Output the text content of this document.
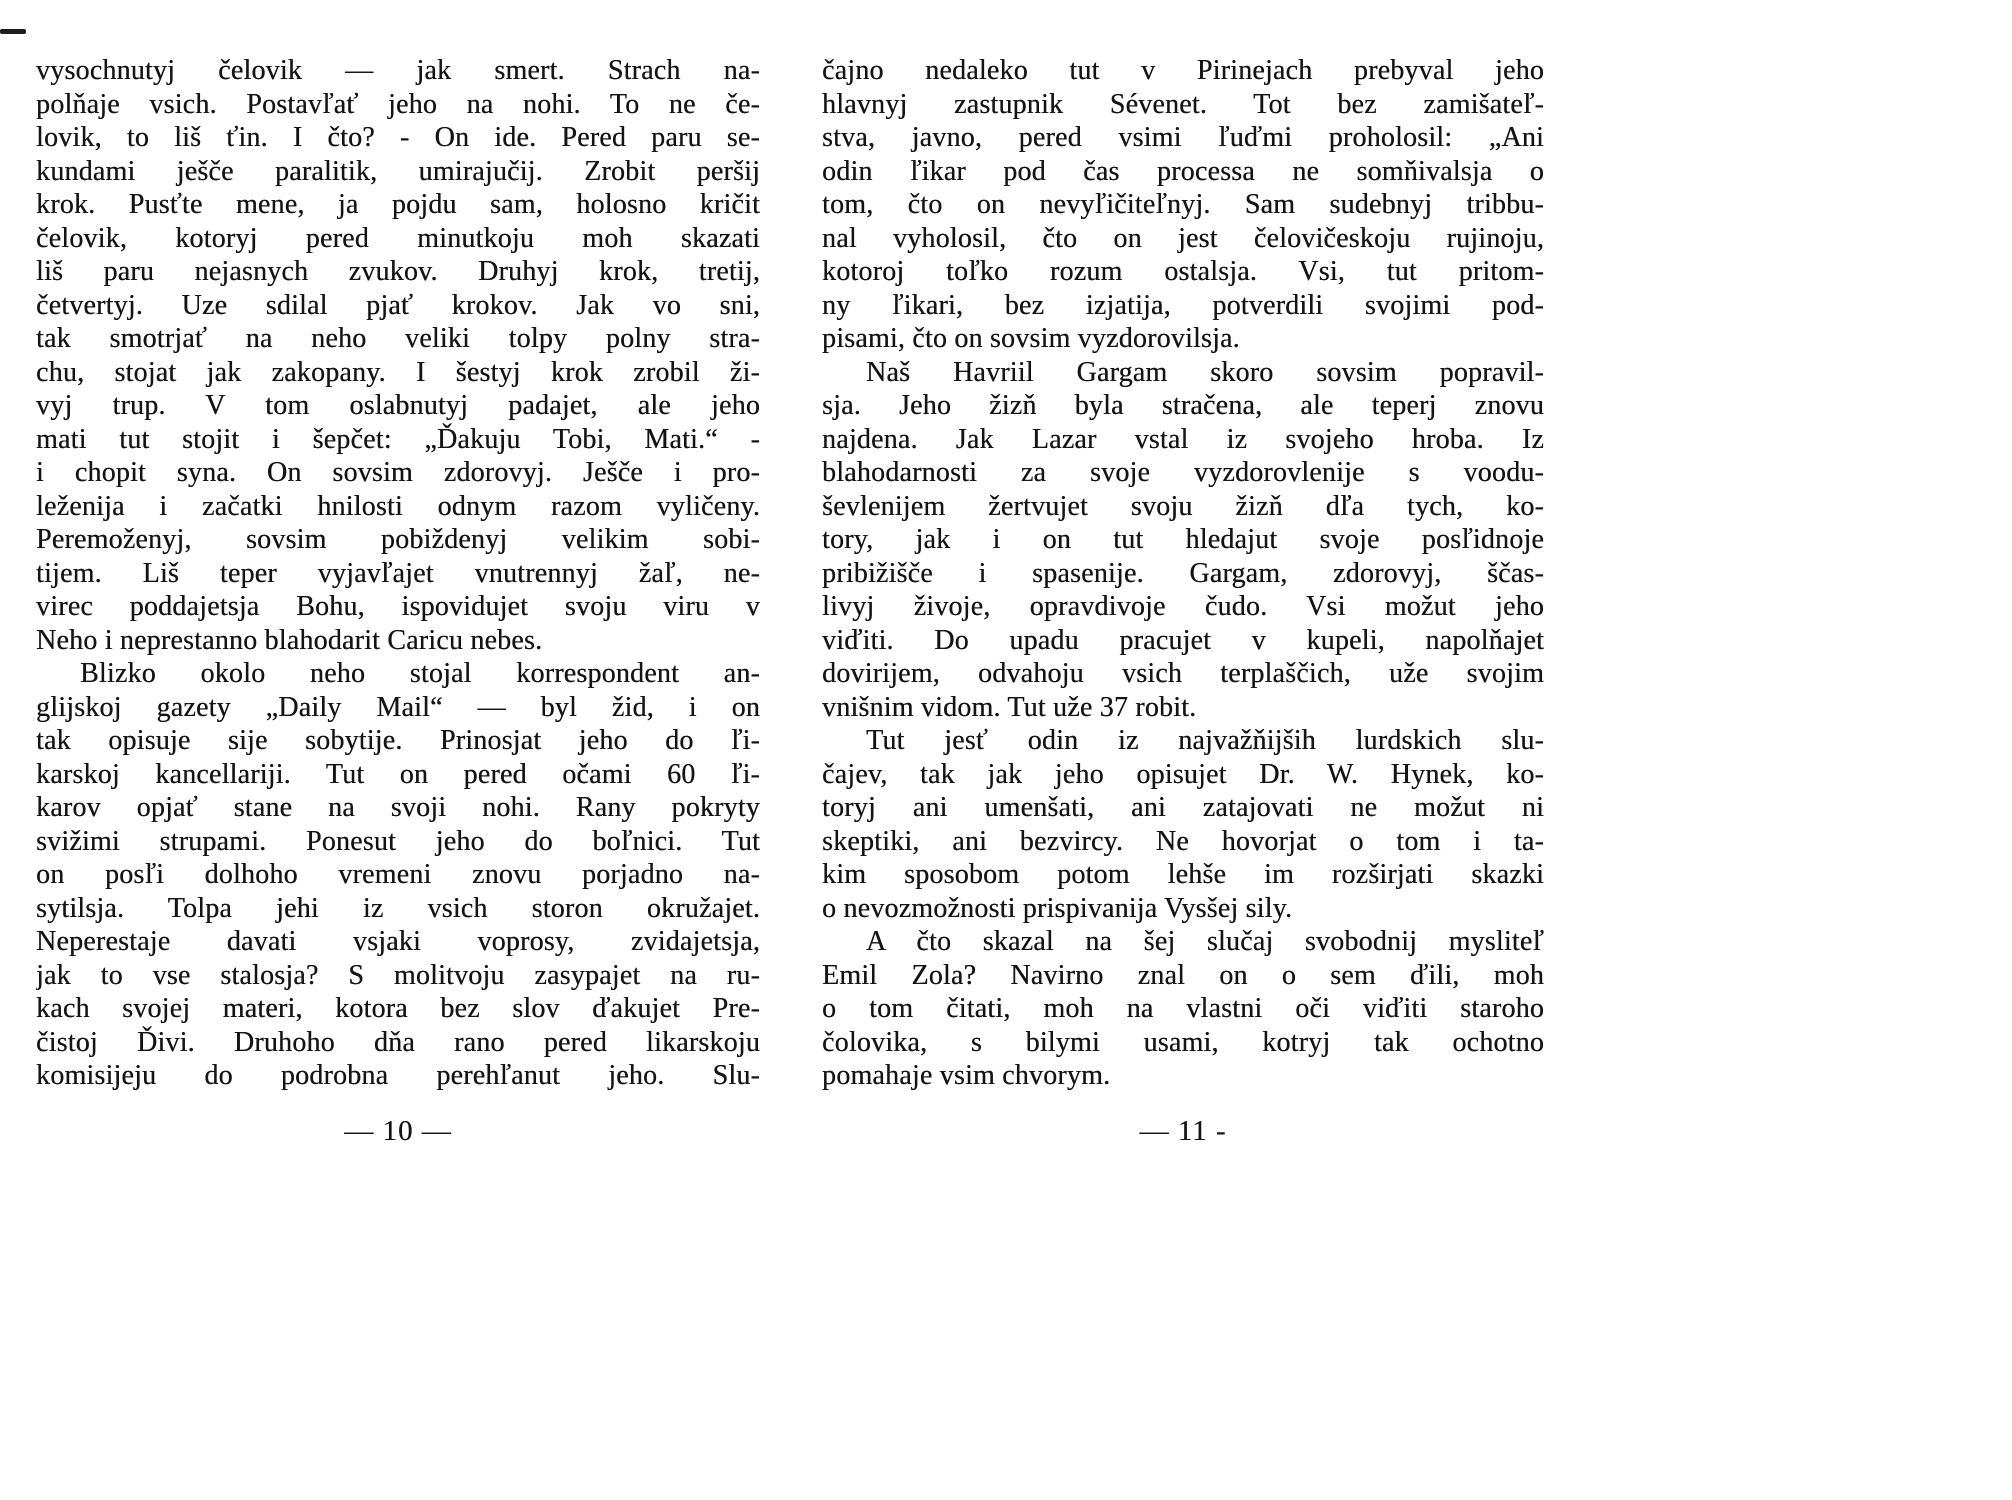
vysochnutyj čelovik — jak smert. Strach na-
polňaje vsich. Postavľať jeho na nohi. To ne če-
lovik, to liš ťin. I čto? - On ide. Pered paru se-
kundami ješče paralitik, umirajučij. Zrobit peršij
krok. Pusťte mene, ja pojdu sam, holosno kričit
čelovik, kotoryj pered minutkoju moh skazati
liš paru nejasnych zvukov. Druhyj krok, tretij,
četvertyj. Uze sdilal pjať krokov. Jak vo sni,
tak smotrjať na neho veliki tolpy polny stra-
chu, stojat jak zakopany. I šestyj krok zrobil ži-
vyj trup. V tom oslabnutyj padajet, ale jeho
mati tut stojit i šepčet: „Ďakuju Tobi, Mati.“ -
i chopit syna. On sovsim zdorovyj. Ješče i pro-
leženija i začatki hnilosti odnym razom vyličeny.
Peremoženyj, sovsim pobiždenyj velikim sobi-
tijem. Liš teper vyjavľajet vnutrennyj žaľ, ne-
virec poddajetsja Bohu, ispovidujet svoju viru v
Neho i neprestanno blahodarit Caricu nebes.
Blizko okolo neho stojal korrespondent an-
glijskoj gazety „Daily Mail“ — byl žid, i on
tak opisuje sije sobytije. Prinosjat jeho do ľi-
karskoj kancellariji. Tut on pered očami 60 ľi-
karov opjať stane na svoji nohi. Rany pokryty
svižimi strupami. Ponesut jeho do boľnici. Tut
on posľi dolhoho vremeni znovu porjadno na-
sytilsja. Tolpa jehi iz vsich storon okružajet.
Neperestaje davati vsjaki voprosy, zvidajetsja,
jak to vse stalosja? S molitvoju zasypajet na ru-
kach svojej materi, kotora bez slov ďakujet Pre-
čistoj Ďivi. Druhoho dňa rano pered likarskoju
komisijeju do podrobna perehľanut jeho. Slu-
— 10 —
čajno nedaleko tut v Pirinejach prebyval jeho
hlavnyj zastupnik Sévenet. Tot bez zamišateľ-
stva, javno, pered vsimi ľuďmi proholosil: „Ani
odin ľikar pod čas processa ne somňivalsja o
tom, čto on nevyľičiteľnyj. Sam sudebnyj tribbu-
nal vyholosil, čto on jest čelovičeskoju rujinoju,
kotoroj toľko rozum ostalsja. Vsi, tut pritom-
ny ľikari, bez izjatija, potverdili svojimi pod-
pisami, čto on sovsim vyzdorovilsja.
Naš Havriil Gargam skoro sovsim popravil-
sja. Jeho žizň byla stračena, ale teperj znovu
najdena. Jak Lazar vstal iz svojeho hroba. Iz
blahodarnosti za svoje vyzdorovlenije s voodu-
ševlenijem žertvujet svoju žizň dľa tych, ko-
tory, jak i on tut hledajut svoje posľidnoje
pribižišče i spasenije. Gargam, zdorovyj, ščas-
livyj živoje, opravdivoje čudo. Vsi možut jeho
viďiti. Do upadu pracujet v kupeli, napolňajet
dovirijem, odvahoju vsich terplaščich, uže svojim
vnišnim vidom. Tut uže 37 robit.
Tut jesť odin iz najvažňijših lurdskich slu-
čajev, tak jak jeho opisujet Dr. W. Hynek, ko-
toryj ani umenšati, ani zatajovati ne možut ni
skeptiki, ani bezvircy. Ne hovorjat o tom i ta-
kim sposobom potom lehše im rozširjati skazki
o nevozmožnosti prispivanija Vysšej sily.
A čto skazal na šej slučaj svobodnij mysliteľ
Emil Zola? Navirno znal on o sem ďili, moh
o tom čitati, moh na vlastni oči viďiti staroho
čolovika, s bilymi usami, kotryj tak ochotno
pomahaje vsim chvorym.
— 11 -
